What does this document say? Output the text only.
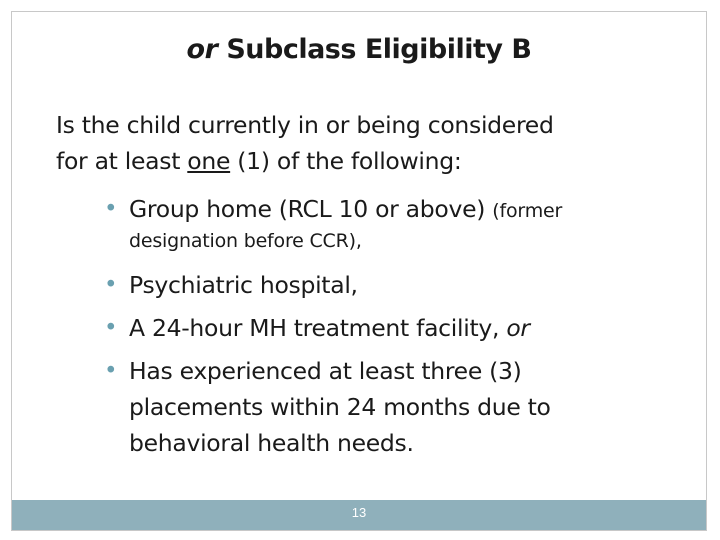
or Subclass Eligibility B
Is the child currently in or being considered
for at least one (1) of the following:
• Group home (RCL 10 or above) (former
designation before CCR),
• Psychiatric hospital,
• A 24-hour MH treatment facility, or
• Has experienced at least three (3)
placements within 24 months due to
behavioral health needs.
13
